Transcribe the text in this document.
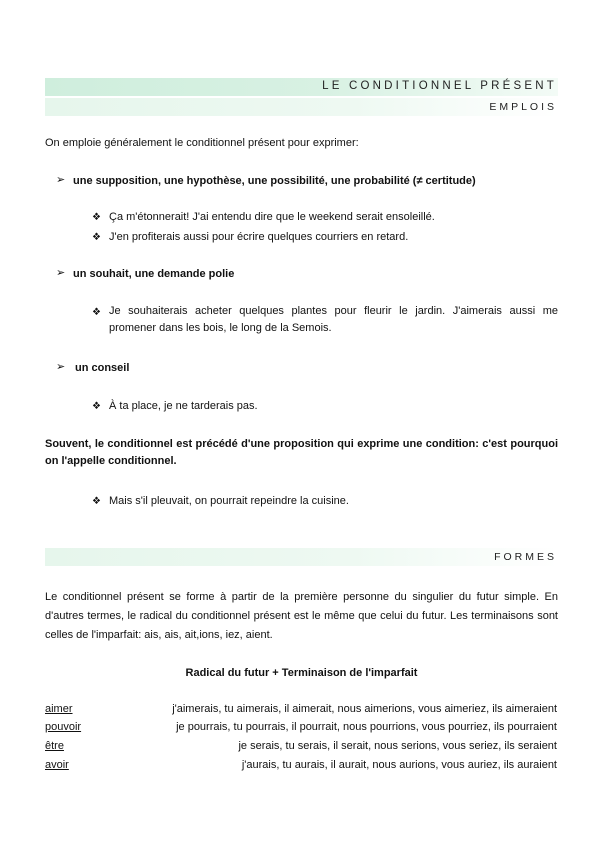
LE CONDITIONNEL PRÉSENT
EMPLOIS

On emploie généralement le conditionnel présent pour exprimer:

➢ une supposition, une hypothèse, une possibilité, une probabilité (≠ certitude)

❖ Ça m'étonnerait! J'ai entendu dire que le weekend serait ensoleillé.

❖ J'en profiterais aussi pour écrire quelques courriers en retard.

➢ un souhait, une demande polie

❖ Je souhaiterais acheter quelques plantes pour fleurir le jardin. J'aimerais aussi me promener dans les bois, le long de la Semois.

➢ un conseil

❖ À ta place, je ne tarderais pas.

Souvent, le conditionnel est précédé d'une proposition qui exprime une condition: c'est pourquoi on l'appelle conditionnel.

❖ Mais s'il pleuvait, on pourrait repeindre la cuisine.

FORMES

Le conditionnel présent se forme à partir de la première personne du singulier du futur simple. En d'autres termes, le radical du conditionnel présent est le même que celui du futur. Les terminaisons sont celles de l'imparfait: ais, ais, ait,ions, iez, aient.

Radical du futur + Terminaison de l'imparfait

aimer	j'aimerais, tu aimerais, il aimerait, nous aimerions, vous aimeriez, ils aimeraient
pouvoir	je pourrais, tu pourrais, il pourrait, nous pourrions, vous pourriez, ils pourraient
être	je serais, tu serais, il serait, nous serions, vous seriez, ils seraient
avoir	j'aurais, tu aurais, il aurait, nous aurions, vous auriez, ils auraient
